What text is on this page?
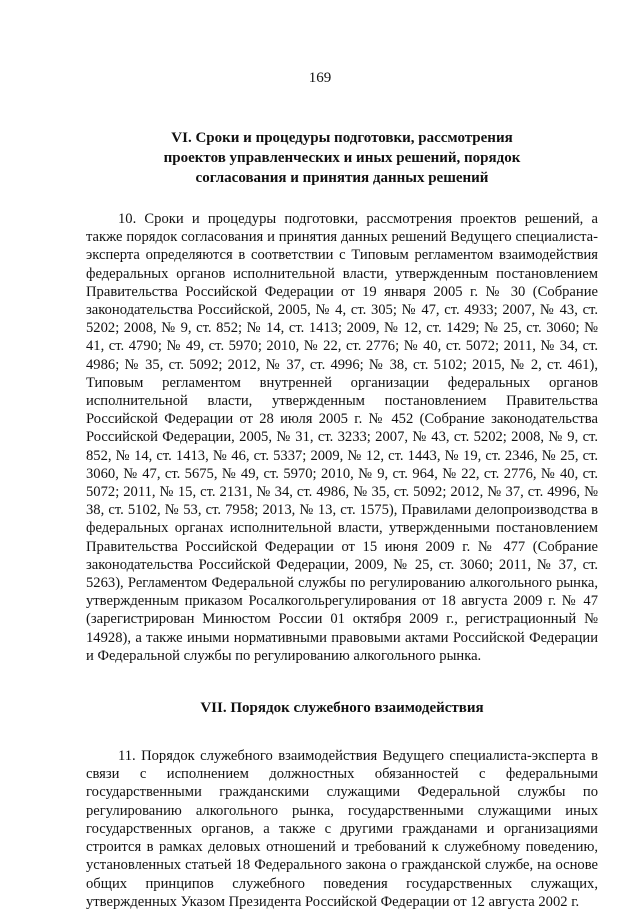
169
VI. Сроки и процедуры подготовки, рассмотрения
проектов управленческих и иных решений, порядок
согласования и принятия данных решений

10. Сроки и процедуры подготовки, рассмотрения проектов решений, а также порядок согласования и принятия данных решений Ведущего специалиста-эксперта определяются в соответствии с Типовым регламентом взаимодействия федеральных органов исполнительной власти, утвержденным постановлением Правительства Российской Федерации от 19 января 2005 г. № 30 (Собрание законодательства Российской, 2005, № 4, ст. 305; № 47, ст. 4933; 2007, № 43, ст. 5202; 2008, № 9, ст. 852; № 14, ст. 1413; 2009, № 12, ст. 1429; № 25, ст. 3060; № 41, ст. 4790; № 49, ст. 5970; 2010, № 22, ст. 2776; № 40, ст. 5072; 2011, № 34, ст. 4986; № 35, ст. 5092; 2012, № 37, ст. 4996; № 38, ст. 5102; 2015, № 2, ст. 461), Типовым регламентом внутренней организации федеральных органов исполнительной власти, утвержденным постановлением Правительства Российской Федерации от 28 июля 2005 г. № 452 (Собрание законодательства Российской Федерации, 2005, № 31, ст. 3233; 2007, № 43, ст. 5202; 2008, № 9, ст. 852, № 14, ст. 1413, № 46, ст. 5337; 2009, № 12, ст. 1443, № 19, ст. 2346, № 25, ст. 3060, № 47, ст. 5675, № 49, ст. 5970; 2010, № 9, ст. 964, № 22, ст. 2776, № 40, ст. 5072; 2011, № 15, ст. 2131, № 34, ст. 4986, № 35, ст. 5092; 2012, № 37, ст. 4996, № 38, ст. 5102, № 53, ст. 7958; 2013, № 13, ст. 1575), Правилами делопроизводства в федеральных органах исполнительной власти, утвержденными постановлением Правительства Российской Федерации от 15 июня 2009 г. № 477 (Собрание законодательства Российской Федерации, 2009, № 25, ст. 3060; 2011, № 37, ст. 5263), Регламентом Федеральной службы по регулированию алкогольного рынка, утвержденным приказом Росалкогольрегулирования от 18 августа 2009 г. № 47 (зарегистрирован Минюстом России 01 октября 2009 г., регистрационный № 14928), а также иными нормативными правовыми актами Российской Федерации и Федеральной службы по регулированию алкогольного рынка.

VII. Порядок служебного взаимодействия

11. Порядок служебного взаимодействия Ведущего специалиста-эксперта в связи с исполнением должностных обязанностей с федеральными государственными гражданскими служащими Федеральной службы по регулированию алкогольного рынка, государственными служащими иных государственных органов, а также с другими гражданами и организациями строится в рамках деловых отношений и требований к служебному поведению, установленных статьей 18 Федерального закона о гражданской службе, на основе общих принципов служебного поведения государственных служащих, утвержденных Указом Президента Российской Федерации от 12 августа 2002 г.
